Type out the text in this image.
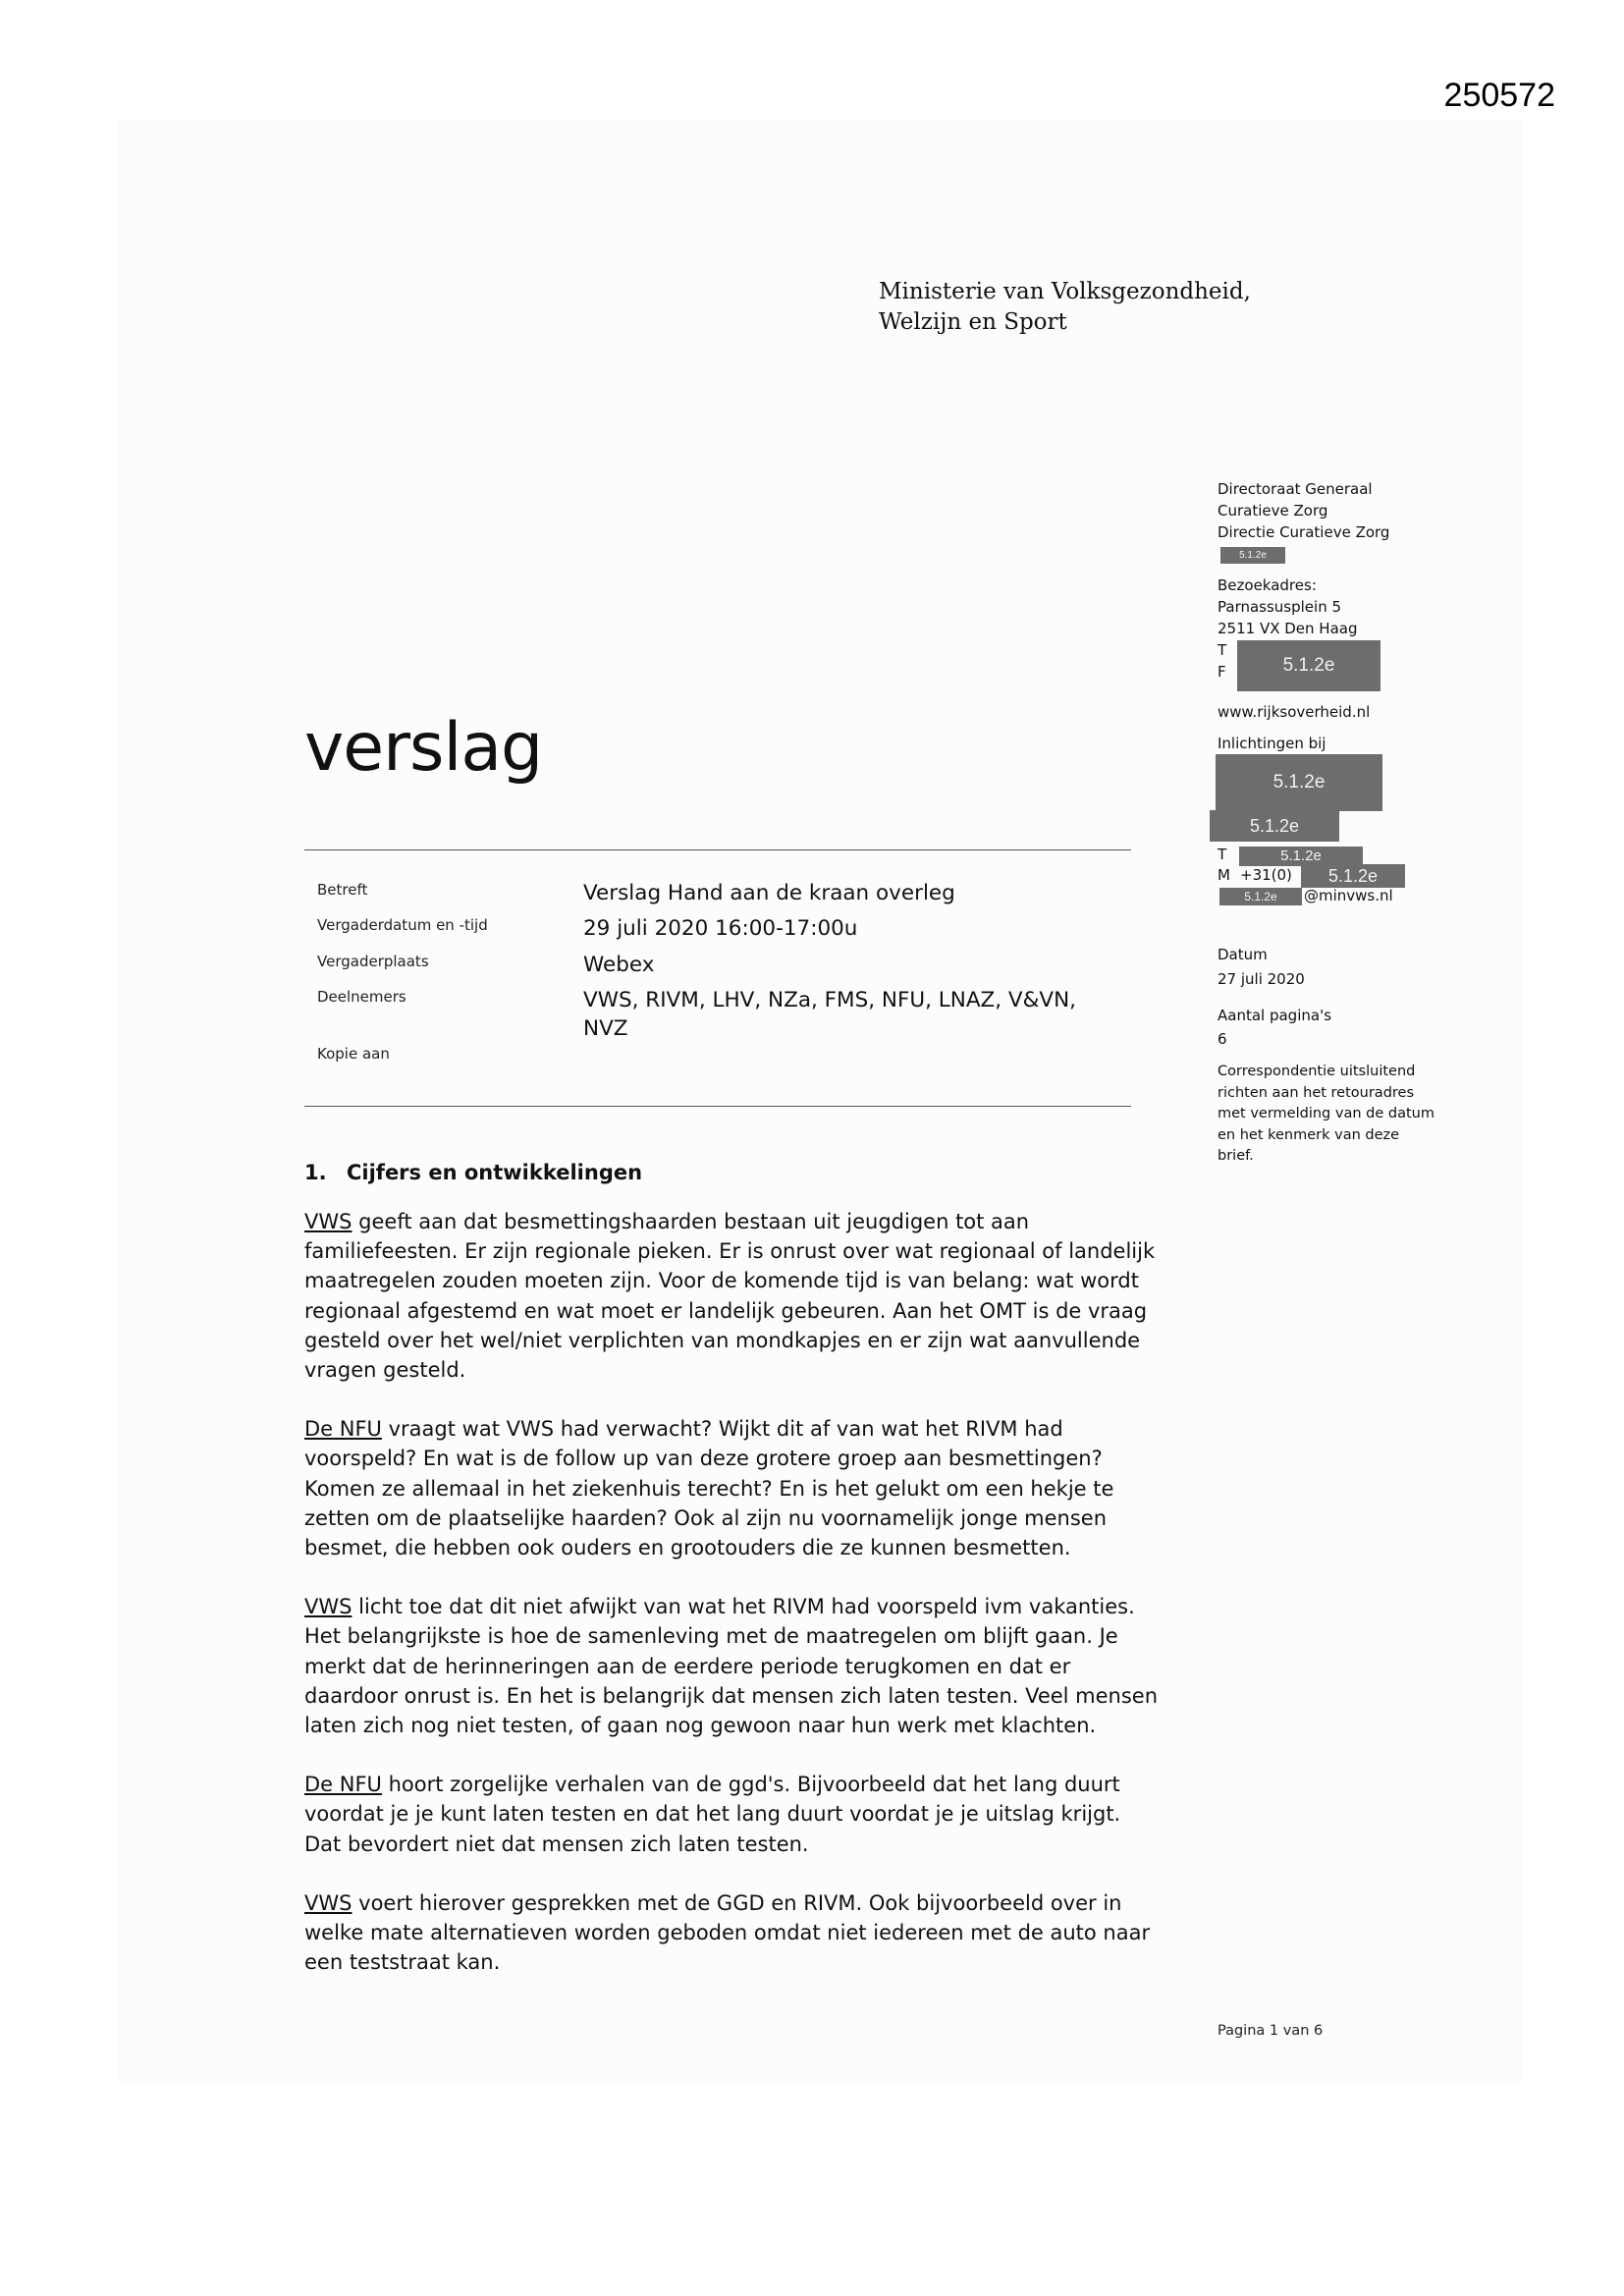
250572
Ministerie van Volksgezondheid,
Welzijn en Sport
Directoraat Generaal
Curatieve Zorg
Directie Curatieve Zorg
5.1.2e
Bezoekadres:
Parnassusplein 5
2511 VX Den Haag
T
F	5.1.2e
www.rijksoverheid.nl
Inlichtingen bij
5.1.2e
5.1.2e
T	5.1.2e
M +31(0)	5.1.2e
5.1.2e	@minvws.nl
Datum
27 juli 2020
Aantal pagina's
6
Correspondentie uitsluitend
richten aan het retouradres
met vermelding van de datum
en het kenmerk van deze
brief.
verslag
Betreft	Verslag Hand aan de kraan overleg
Vergaderdatum en -tijd	29 juli 2020 16:00-17:00u
Vergaderplaats	Webex
Deelnemers	VWS, RIVM, LHV, NZa, FMS, NFU, LNAZ, V&VN,
NVZ
Kopie aan
1. Cijfers en ontwikkelingen
VWS geeft aan dat besmettingshaarden bestaan uit jeugdigen tot aan
familiefeesten. Er zijn regionale pieken. Er is onrust over wat regionaal of landelijk
maatregelen zouden moeten zijn. Voor de komende tijd is van belang: wat wordt
regionaal afgestemd en wat moet er landelijk gebeuren. Aan het OMT is de vraag
gesteld over het wel/niet verplichten van mondkapjes en er zijn wat aanvullende
vragen gesteld.
De NFU vraagt wat VWS had verwacht? Wijkt dit af van wat het RIVM had
voorspeld? En wat is de follow up van deze grotere groep aan besmettingen?
Komen ze allemaal in het ziekenhuis terecht? En is het gelukt om een hekje te
zetten om de plaatselijke haarden? Ook al zijn nu voornamelijk jonge mensen
besmet, die hebben ook ouders en grootouders die ze kunnen besmetten.
VWS licht toe dat dit niet afwijkt van wat het RIVM had voorspeld ivm vakanties.
Het belangrijkste is hoe de samenleving met de maatregelen om blijft gaan. Je
merkt dat de herinneringen aan de eerdere periode terugkomen en dat er
daardoor onrust is. En het is belangrijk dat mensen zich laten testen. Veel mensen
laten zich nog niet testen, of gaan nog gewoon naar hun werk met klachten.
De NFU hoort zorgelijke verhalen van de ggd's. Bijvoorbeeld dat het lang duurt
voordat je je kunt laten testen en dat het lang duurt voordat je je uitslag krijgt.
Dat bevordert niet dat mensen zich laten testen.
VWS voert hierover gesprekken met de GGD en RIVM. Ook bijvoorbeeld over in
welke mate alternatieven worden geboden omdat niet iedereen met de auto naar
een teststraat kan.
Pagina 1 van 6
